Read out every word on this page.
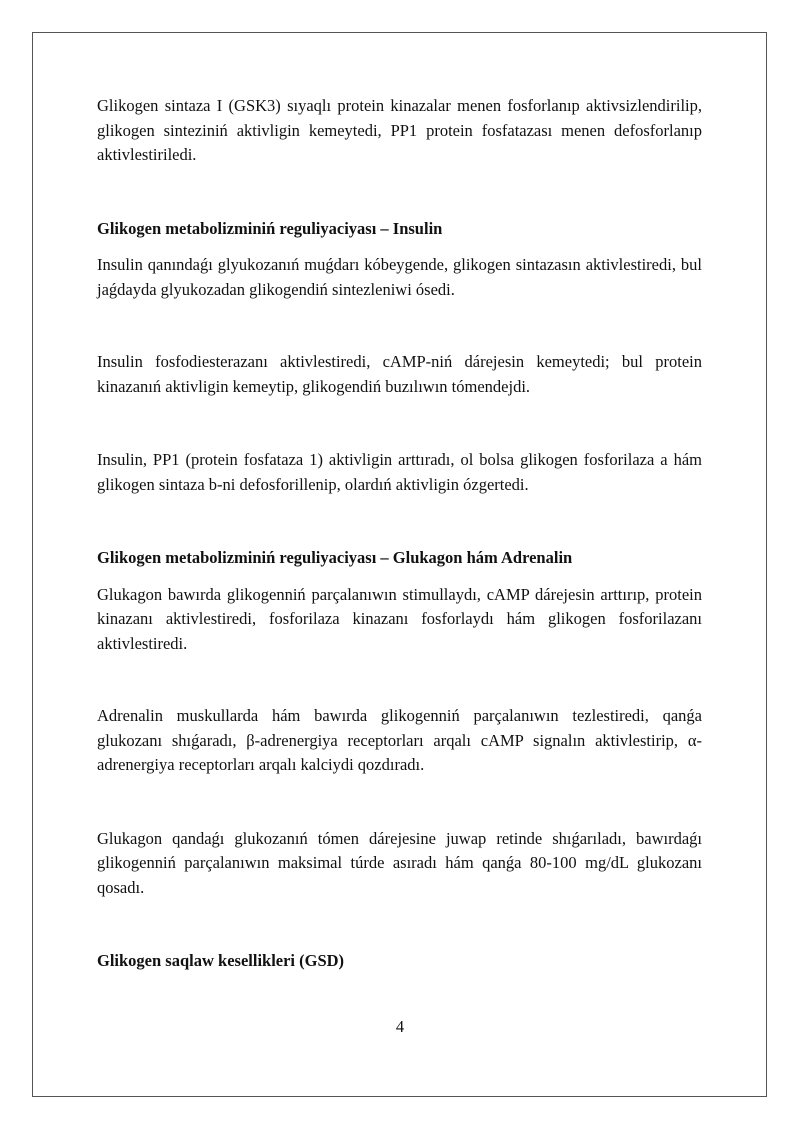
Glikogen sintaza I (GSK3) sıyaqlı protein kinazalar menen fosforlanıp aktivsizlendirilip, glikogen sinteziniń aktivligin kemeytedi, PP1 protein fosfatazası menen defosforlanıp aktivlestiriledi.

Glikogen metabolizminiń reguliyaciyası – Insulin

Insulin qanındaǵı glyukozanıń muǵdarı kóbeygende, glikogen sintazasın aktivlestiredi, bul jaǵdayda glyukozadan glikogendiń sintezleniwi ósedi.

Insulin fosfodiesterazanı aktivlestiredi, cAMP-niń dárejesin kemeytedi; bul protein kinazanıń aktivligin kemeytip, glikogendiń buzılıwın tómendejdi.

Insulin, PP1 (protein fosfataza 1) aktivligin arttıradı, ol bolsa glikogen fosforilaza a hám glikogen sintaza b-ni defosforillenip, olardıń aktivligin ózgertedi.

Glikogen metabolizminiń reguliyaciyası – Glukagon hám Adrenalin

Glukagon bawırda glikogenniń parçalanıwın stimullaydı, cAMP dárejesin arttırıp, protein kinazanı aktivlestiredi, fosforilaza kinazanı fosforlaydı hám glikogen fosforilazanı aktivlestiredi.

Adrenalin muskullarda hám bawırda glikogenniń parçalanıwın tezlestiredi, qanǵa glukozanı shıǵaradı, β-adrenergiya receptorları arqalı cAMP signalın aktivlestirip, α-adrenergiya receptorları arqalı kalciydi qozdıradı.

Glukagon qandaǵı glukozanıń tómen dárejesine juwap retinde shıǵarıladı, bawırdaǵı glikogenniń parçalanıwın maksimal túrde asıradı hám qanǵa 80-100 mg/dL glukozanı qosadı.

Glikogen saqlaw kesellikleri (GSD)
4
